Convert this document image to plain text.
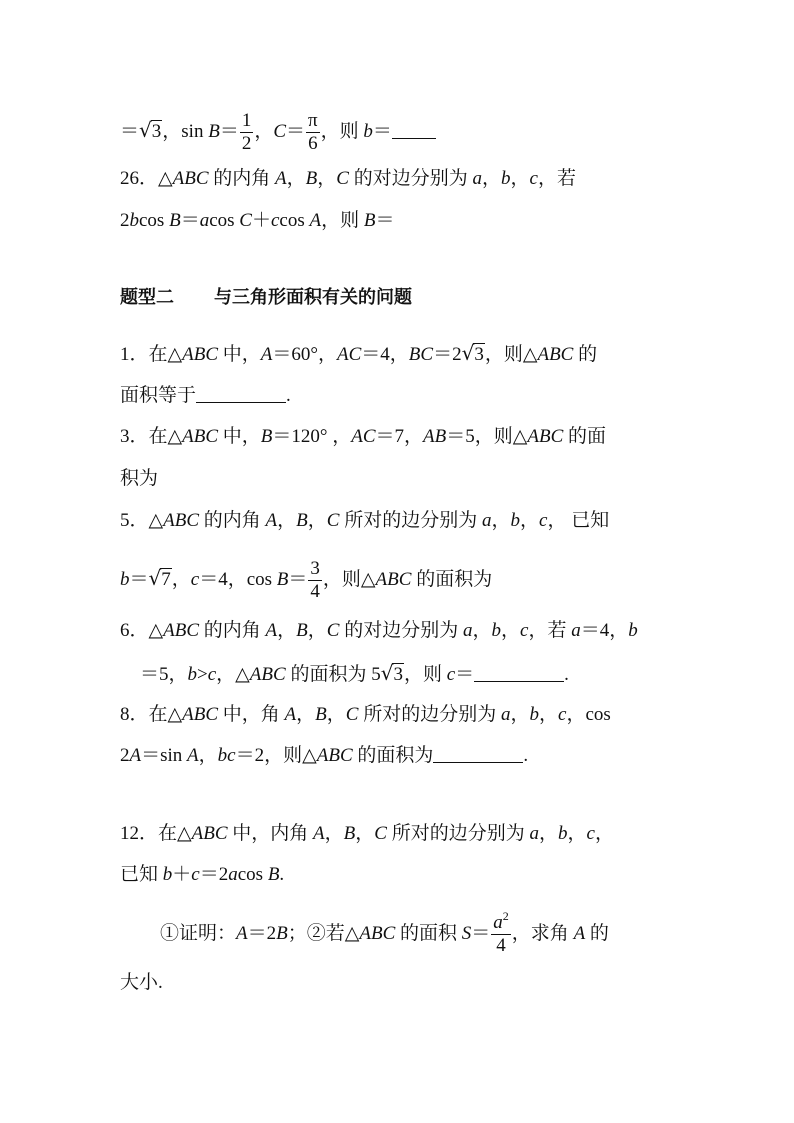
＝√3，$\sin B= \frac{1}{2}$ ，$C= \frac{\pi}{6}$ ，则 b＝
26．△ABC 的内角 A，B，C 的对边分别为 a，b，c，若
2bcos B＝acos C＋ccos A，则 B＝
题型二 与三角形面积有关的问题
1．在△ABC 中，A＝60°，AC＝4，BC＝2√3，则△ABC 的
面积等于	.
3．在△ABC 中，B＝120° ，AC＝7，AB＝5，则△ABC 的面
积为
5．△ABC 的内角 A，B，C 所对的边分别为 a，b，c， 已知
b＝√7，c＝4，$\cos B= \frac{3}{4}$ ，则△ABC 的面积为
6．△ABC 的内角 A，B，C 的对边分别为 a，b，c，若 a＝4，b
＝5，b>c，△ABC 的面积为 5√3，则 c＝	.
8．在△ABC 中，角 A，B，C 所对的边分别为 a，b，c，cos
2A＝sin A，bc＝2，则△ABC 的面积为	.
12．在△ABC 中，内角 A，B，C 所对的边分别为 a，b，c，
已知 b＋c＝2acos B.
①证明：A＝2B；②若△ABC 的面积 $S= \frac{a^2}{4}$ ，求角 A 的
大小.
